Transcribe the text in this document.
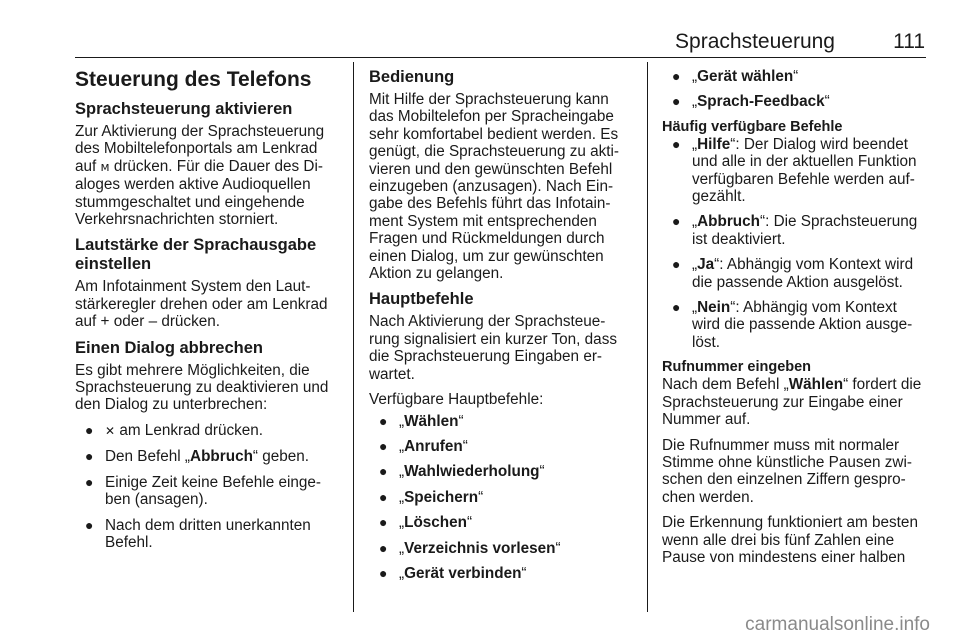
Sprachsteuerung	111
Steuerung des Telefons
Sprachsteuerung aktivieren

Zur Aktivierung der Sprachsteuerung
des Mobiltelefonportals am Lenkrad
auf ᴍ drücken. Für die Dauer des Di-
aloges werden aktive Audioquellen
stummgeschaltet und eingehende
Verkehrsnachrichten storniert.

Lautstärke der Sprachausgabe
einstellen

Am Infotainment System den Laut-
stärkeregler drehen oder am Lenkrad
auf + oder – drücken.

Einen Dialog abbrechen

Es gibt mehrere Möglichkeiten, die
Sprachsteuerung zu deaktivieren und
den Dialog zu unterbrechen:

● ✕ am Lenkrad drücken.
● Den Befehl „Abbruch“ geben.
● Einige Zeit keine Befehle einge-
ben (ansagen).
● Nach dem dritten unerkannten
Befehl.
Bedienung

Mit Hilfe der Sprachsteuerung kann
das Mobiltelefon per Spracheingabe
sehr komfortabel bedient werden. Es
genügt, die Sprachsteuerung zu akti-
vieren und den gewünschten Befehl
einzugeben (anzusagen). Nach Ein-
gabe des Befehls führt das Infotain-
ment System mit entsprechenden
Fragen und Rückmeldungen durch
einen Dialog, um zur gewünschten
Aktion zu gelangen.

Hauptbefehle

Nach Aktivierung der Sprachsteue-
rung signalisiert ein kurzer Ton, dass
die Sprachsteuerung Eingaben er-
wartet.

Verfügbare Hauptbefehle:

● „Wählen“
● „Anrufen“
● „Wahlwiederholung“
● „Speichern“
● „Löschen“
● „Verzeichnis vorlesen“
● „Gerät verbinden“
● „Gerät wählen“
● „Sprach-Feedback“
Häufig verfügbare Befehle
● „Hilfe“: Der Dialog wird beendet
und alle in der aktuellen Funktion
verfügbaren Befehle werden auf-
gezählt.
● „Abbruch“: Die Sprachsteuerung
ist deaktiviert.
● „Ja“: Abhängig vom Kontext wird
die passende Aktion ausgelöst.
● „Nein“: Abhängig vom Kontext
wird die passende Aktion ausge-
löst.
Rufnummer eingeben

Nach dem Befehl „Wählen“ fordert die
Sprachsteuerung zur Eingabe einer
Nummer auf.

Die Rufnummer muss mit normaler
Stimme ohne künstliche Pausen zwi-
schen den einzelnen Ziffern gespro-
chen werden.

Die Erkennung funktioniert am besten
wenn alle drei bis fünf Zahlen eine
Pause von mindestens einer halben

carmanualsonline.info
